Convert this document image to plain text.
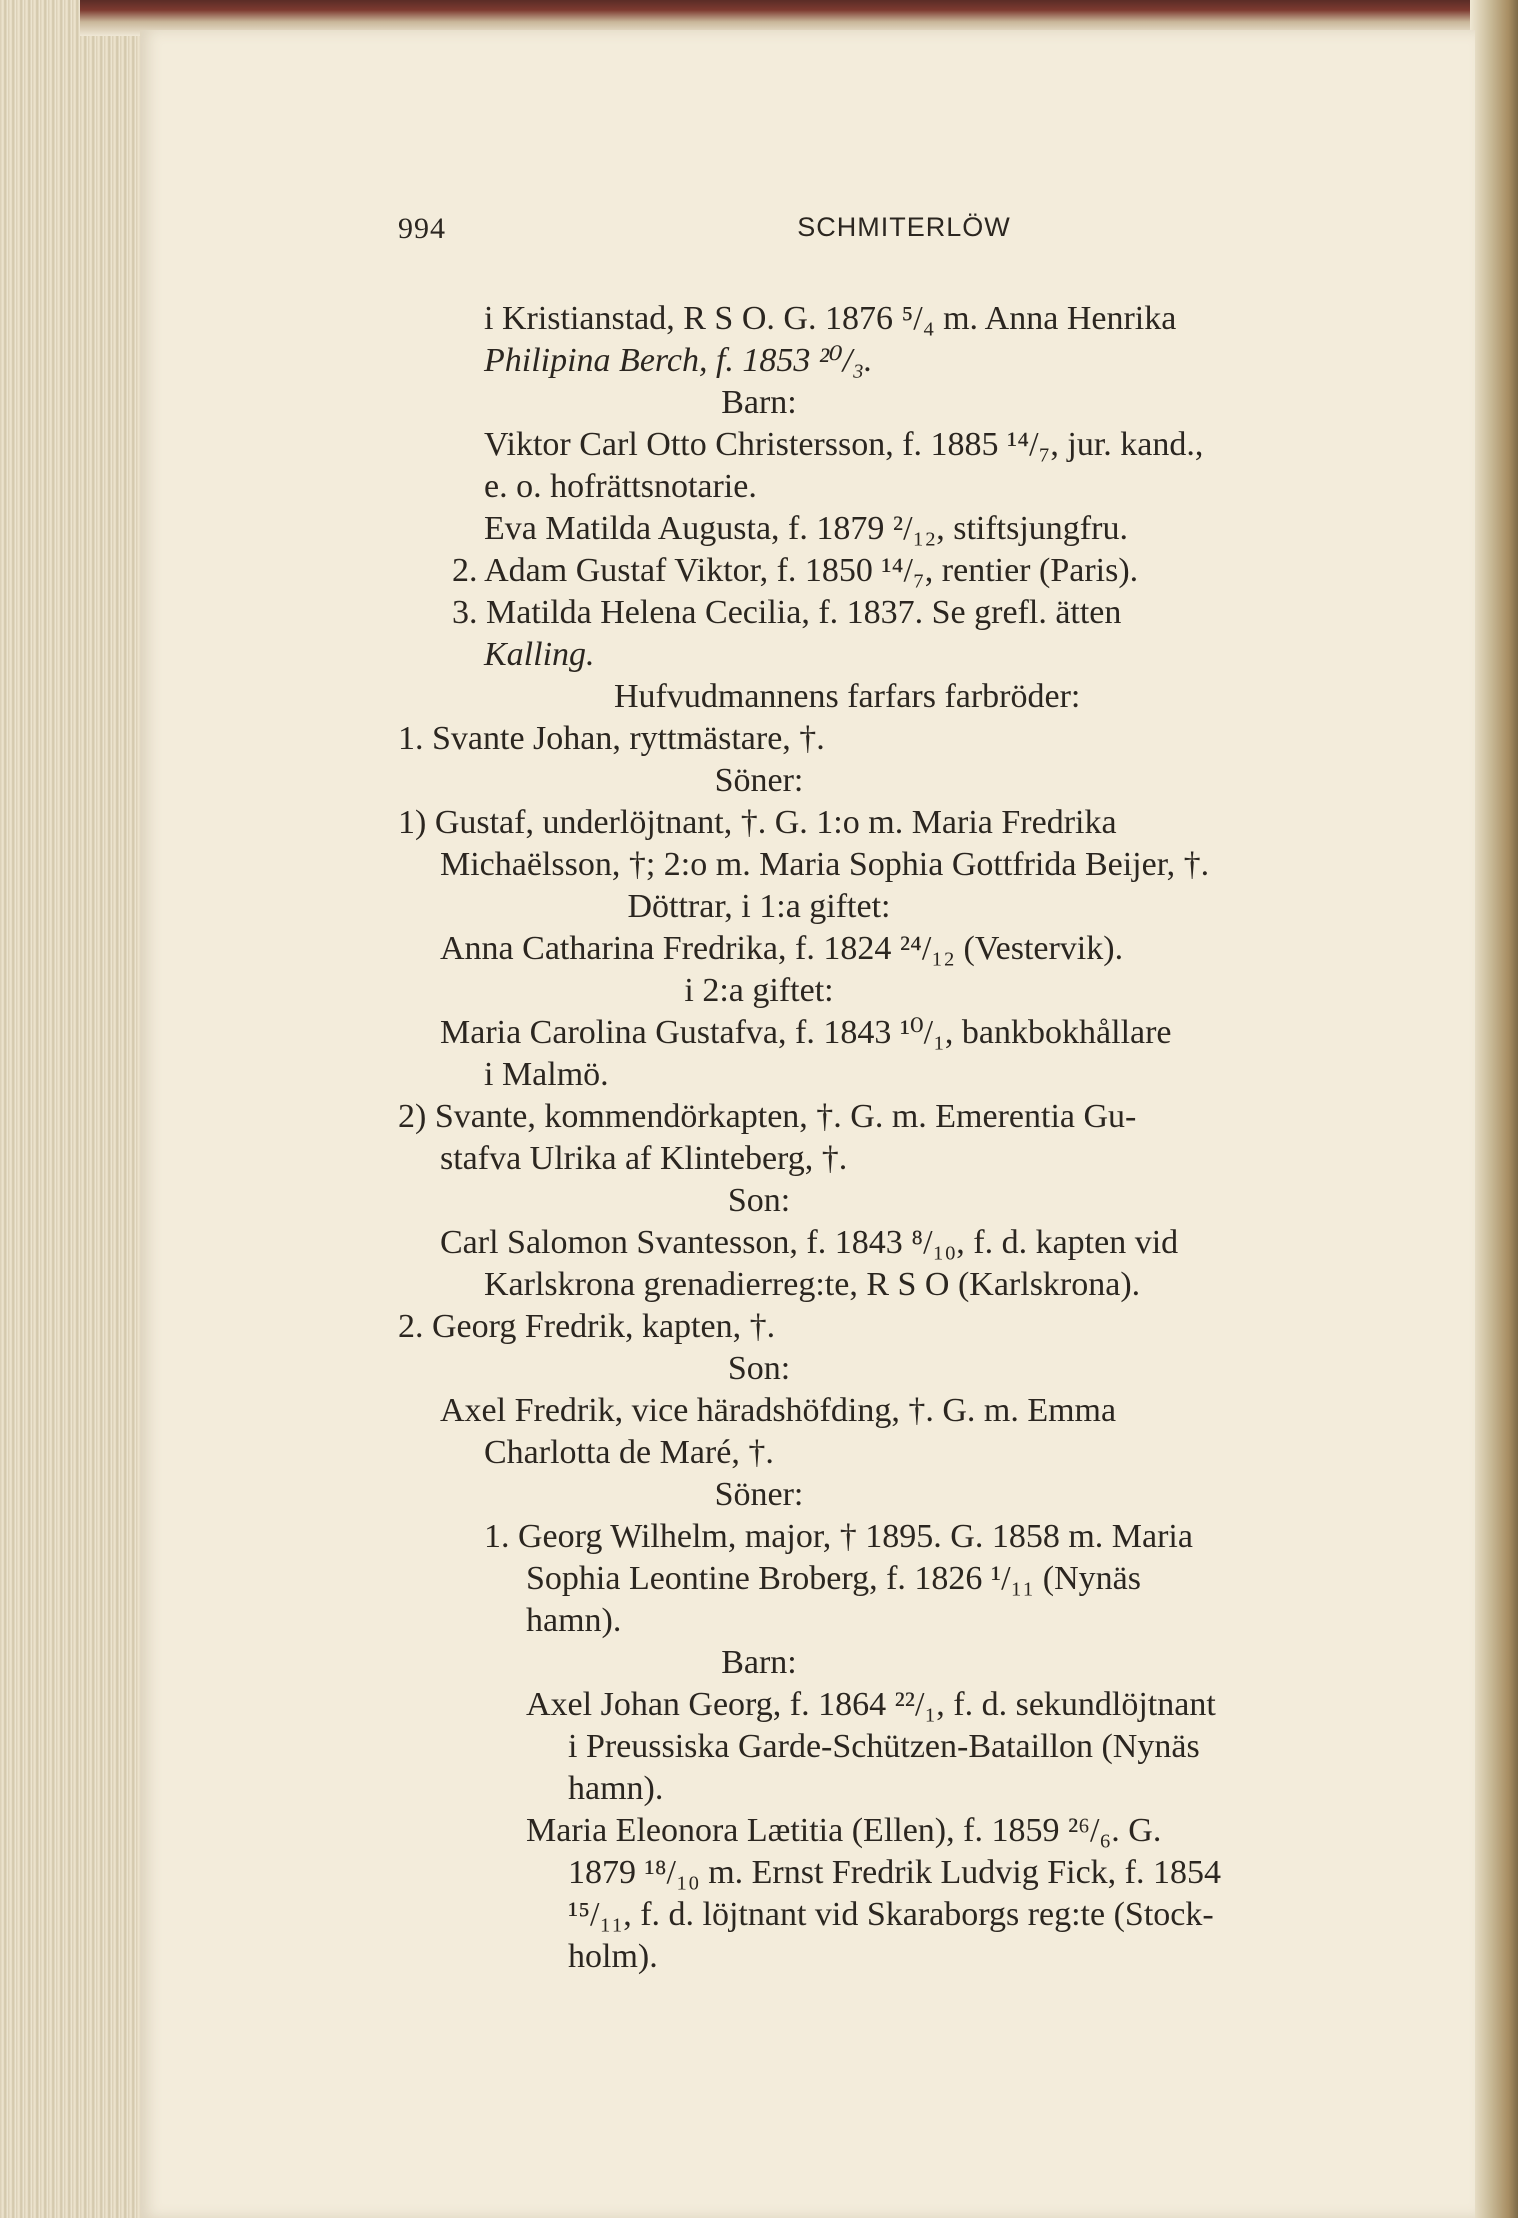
994	SCHMITERLÖW
i Kristianstad, R S O. G. 1876 ⁵/₄ m. Anna Henrika
Philipina Berch, f. 1853 ²⁰/₃.
Barn:
Viktor Carl Otto Christersson, f. 1885 ¹⁴/₇, jur. kand.,
e. o. hofrättsnotarie.
Eva Matilda Augusta, f. 1879 ²/₁₂, stiftsjungfru.
2. Adam Gustaf Viktor, f. 1850 ¹⁴/₇, rentier (Paris).
3. Matilda Helena Cecilia, f. 1837. Se grefl. ätten
Kalling.
Hufvudmannens farfars farbröder:
1. Svante Johan, ryttmästare, †.
Söner:
1) Gustaf, underlöjtnant, †. G. 1:o m. Maria Fredrika
Michaëlsson, †; 2:o m. Maria Sophia Gottfrida Beijer, †.
Döttrar, i 1:a giftet:
Anna Catharina Fredrika, f. 1824 ²⁴/₁₂ (Vestervik).
i 2:a giftet:
Maria Carolina Gustafva, f. 1843 ¹⁰/₁, bankbokhållare
i Malmö.
2) Svante, kommendörkapten, †. G. m. Emerentia Gu-
stafva Ulrika af Klinteberg, †.
Son:
Carl Salomon Svantesson, f. 1843 ⁸/₁₀, f. d. kapten vid
Karlskrona grenadierreg:te, R S O (Karlskrona).
2. Georg Fredrik, kapten, †.
Son:
Axel Fredrik, vice häradshöfding, †. G. m. Emma
Charlotta de Maré, †.
Söner:
1. Georg Wilhelm, major, † 1895. G. 1858 m. Maria
Sophia Leontine Broberg, f. 1826 ¹/₁₁ (Nynäs
hamn).
Barn:
Axel Johan Georg, f. 1864 ²²/₁, f. d. sekundlöjtnant
i Preussiska Garde-Schützen-Bataillon (Nynäs
hamn).
Maria Eleonora Lætitia (Ellen), f. 1859 ²⁶/₆. G.
1879 ¹⁸/₁₀ m. Ernst Fredrik Ludvig Fick, f. 1854
¹⁵/₁₁, f. d. löjtnant vid Skaraborgs reg:te (Stock-
holm).
